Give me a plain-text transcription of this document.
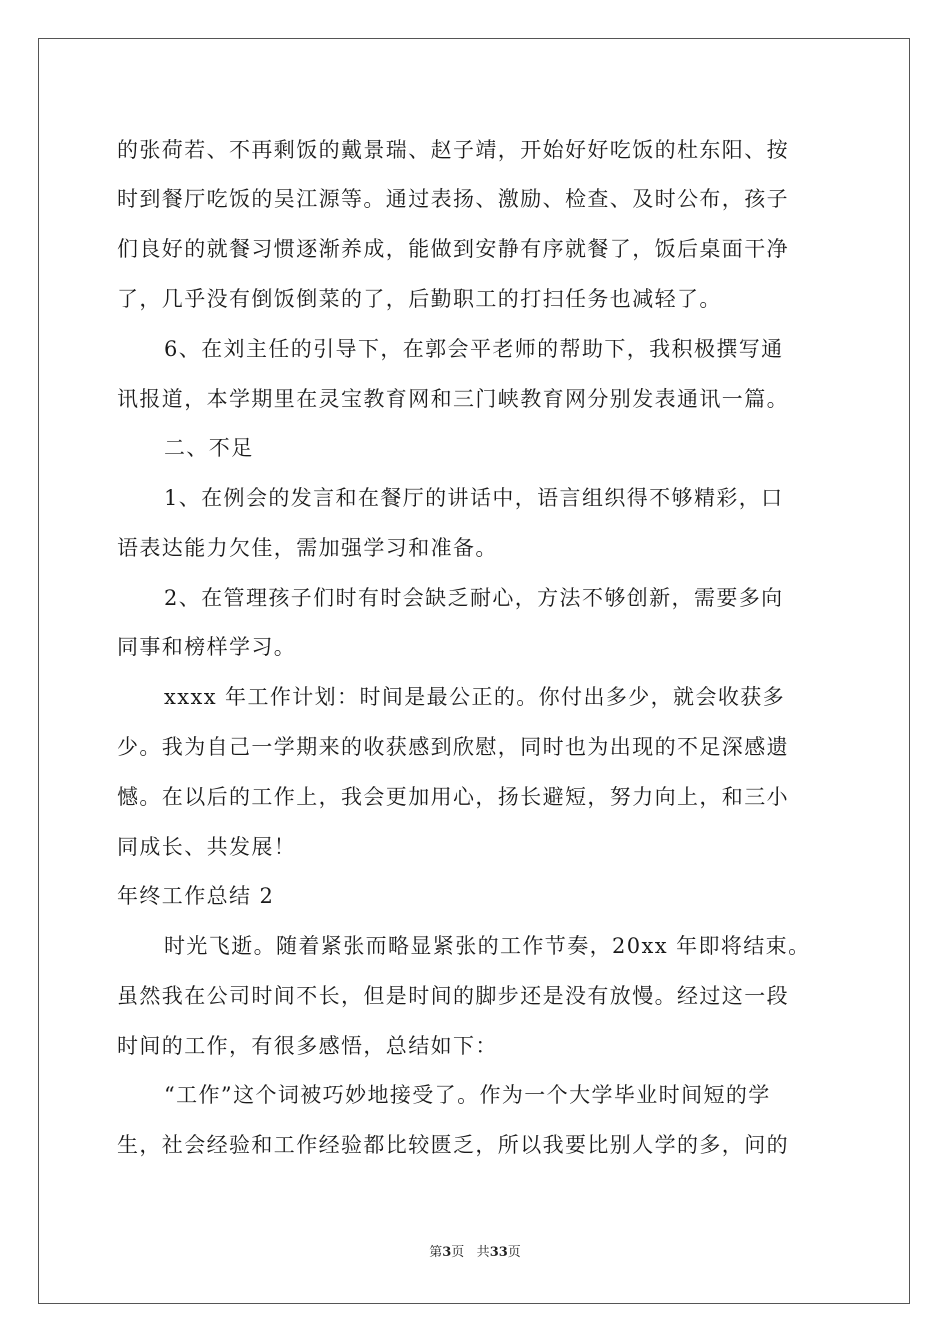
的张荷若、不再剩饭的戴景瑞、赵子靖，开始好好吃饭的杜东阳、按
时到餐厅吃饭的吴江源等。通过表扬、激励、检查、及时公布，孩子
们良好的就餐习惯逐渐养成，能做到安静有序就餐了，饭后桌面干净
了，几乎没有倒饭倒菜的了，后勤职工的打扫任务也减轻了。
6、在刘主任的引导下，在郭会平老师的帮助下，我积极撰写通
讯报道，本学期里在灵宝教育网和三门峡教育网分别发表通讯一篇。
二、不足
1、在例会的发言和在餐厅的讲话中，语言组织得不够精彩，口
语表达能力欠佳，需加强学习和准备。
2、在管理孩子们时有时会缺乏耐心，方法不够创新，需要多向
同事和榜样学习。
xxxx 年工作计划：时间是最公正的。你付出多少，就会收获多
少。我为自己一学期来的收获感到欣慰，同时也为出现的不足深感遗
憾。在以后的工作上，我会更加用心，扬长避短，努力向上，和三小
同成长、共发展！
年终工作总结 2
时光飞逝。随着紧张而略显紧张的工作节奏，20xx 年即将结束。
虽然我在公司时间不长，但是时间的脚步还是没有放慢。经过这一段
时间的工作，有很多感悟，总结如下：
“工作”这个词被巧妙地接受了。作为一个大学毕业时间短的学
生，社会经验和工作经验都比较匮乏，所以我要比别人学的多，问的
第3页 共33页
